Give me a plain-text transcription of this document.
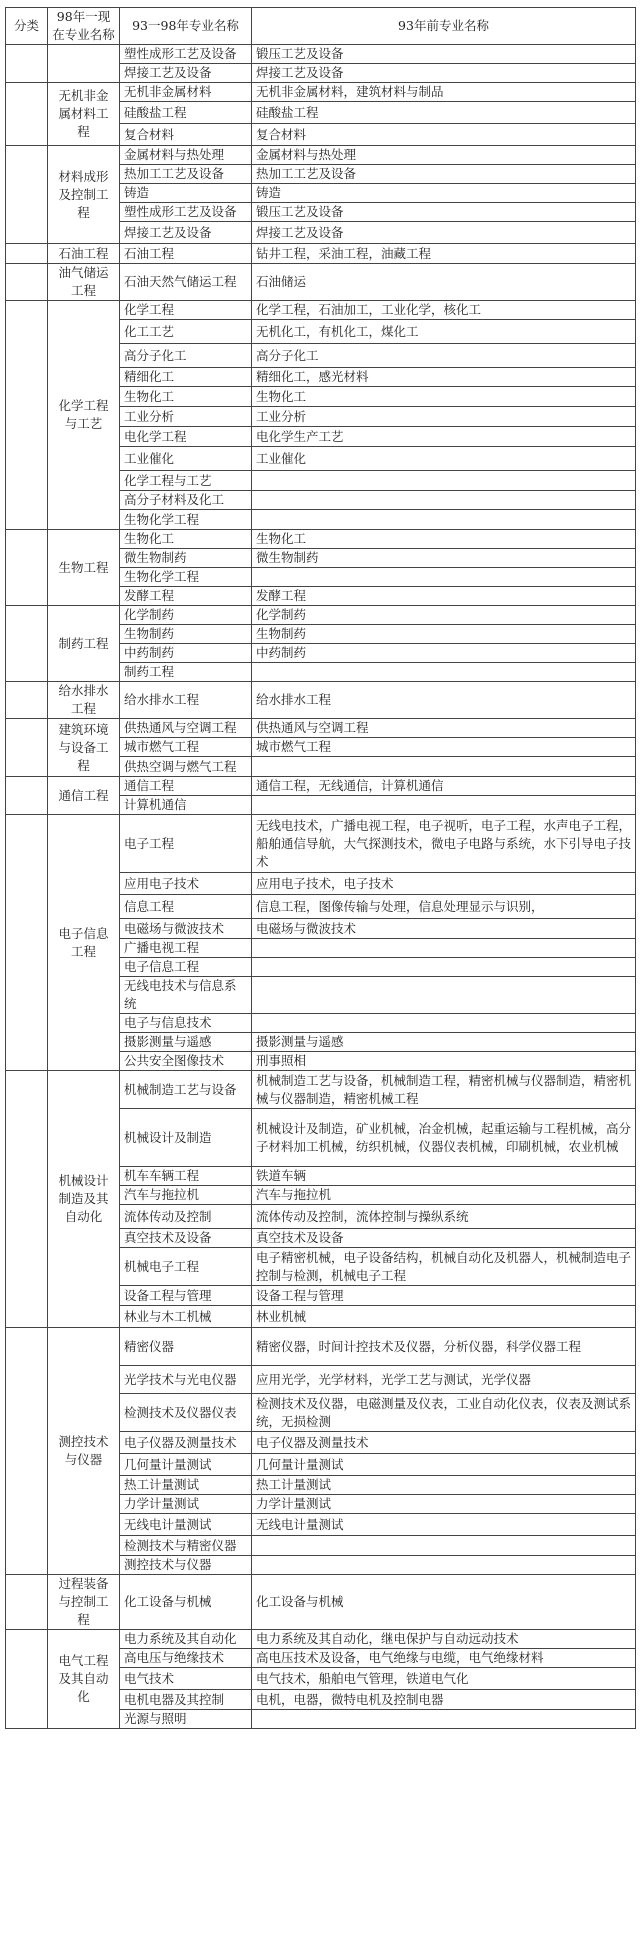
分类	98年一现在专业名称	93一98年专业名称	93年前专业名称
		塑性成形工艺及设备	锻压工艺及设备
		焊接工艺及设备	焊接工艺及设备
	无机非金属材料工程	无机非金属材料	无机非金属材料，建筑材料与制品
		硅酸盐工程	硅酸盐工程
		复合材料	复合材料
	材料成形及控制工程	金属材料与热处理	金属材料与热处理
		热加工工艺及设备	热加工工艺及设备
		铸造	铸造
		塑性成形工艺及设备	锻压工艺及设备
		焊接工艺及设备	焊接工艺及设备
	石油工程	石油工程	钻井工程，采油工程，油藏工程
	油气储运工程	石油天然气储运工程	石油储运
	化学工程与工艺	化学工程	化学工程，石油加工，工业化学，核化工
		化工工艺	无机化工，有机化工，煤化工
		高分子化工	高分子化工
		精细化工	精细化工，感光材料
		生物化工	生物化工
		工业分析	工业分析
		电化学工程	电化学生产工艺
		工业催化	工业催化
		化学工程与工艺	
		高分子材料及化工	
		生物化学工程	
	生物工程	生物化工	生物化工
		微生物制药	微生物制药
		生物化学工程	
		发酵工程	发酵工程
	制药工程	化学制药	化学制药
		生物制药	生物制药
		中药制药	中药制药
		制药工程	
	给水排水工程	给水排水工程	给水排水工程
	建筑环境与设备工程	供热通风与空调工程	供热通风与空调工程
		城市燃气工程	城市燃气工程
		供热空调与燃气工程	
	通信工程	通信工程	通信工程，无线通信，计算机通信
		计算机通信	
	电子信息工程	电子工程	无线电技术，广播电视工程，电子视听，电子工程，水声电子工程，船舶通信导航，大气探测技术，微电子电路与系统，水下引导电子技术
		应用电子技术	应用电子技术，电子技术
		信息工程	信息工程，图像传输与处理，信息处理显示与识别，
		电磁场与微波技术	电磁场与微波技术
		广播电视工程	
		电子信息工程	
		无线电技术与信息系统	
		电子与信息技术	
		摄影测量与遥感	摄影测量与遥感
		公共安全图像技术	刑事照相
	机械设计制造及其自动化	机械制造工艺与设备	机械制造工艺与设备，机械制造工程，精密机械与仪器制造，精密机械与仪器制造，精密机械工程
		机械设计及制造	机械设计及制造，矿业机械，冶金机械，起重运输与工程机械，高分子材料加工机械，纺织机械，仪器仪表机械，印刷机械，农业机械
		机车车辆工程	铁道车辆
		汽车与拖拉机	汽车与拖拉机
		流体传动及控制	流体传动及控制，流体控制与操纵系统
		真空技术及设备	真空技术及设备
		机械电子工程	电子精密机械，电子设备结构，机械自动化及机器人，机械制造电子控制与检测，机械电子工程
		设备工程与管理	设备工程与管理
		林业与木工机械	林业机械
	测控技术与仪器	精密仪器	精密仪器，时间计控技术及仪器，分析仪器，科学仪器工程
		光学技术与光电仪器	应用光学，光学材料，光学工艺与测试，光学仪器
		检测技术及仪器仪表	检测技术及仪器，电磁测量及仪表，工业自动化仪表，仪表及测试系统，无损检测
		电子仪器及测量技术	电子仪器及测量技术
		几何量计量测试	几何量计量测试
		热工计量测试	热工计量测试
		力学计量测试	力学计量测试
		无线电计量测试	无线电计量测试
		检测技术与精密仪器	
		测控技术与仪器	
	过程装备与控制工程	化工设备与机械	化工设备与机械
	电气工程及其自动化	电力系统及其自动化	电力系统及其自动化，继电保护与自动远动技术
		高电压与绝缘技术	高电压技术及设备，电气绝缘与电缆，电气绝缘材料
		电气技术	电气技术，船舶电气管理，铁道电气化
		电机电器及其控制	电机，电器，微特电机及控制电器
		光源与照明	
